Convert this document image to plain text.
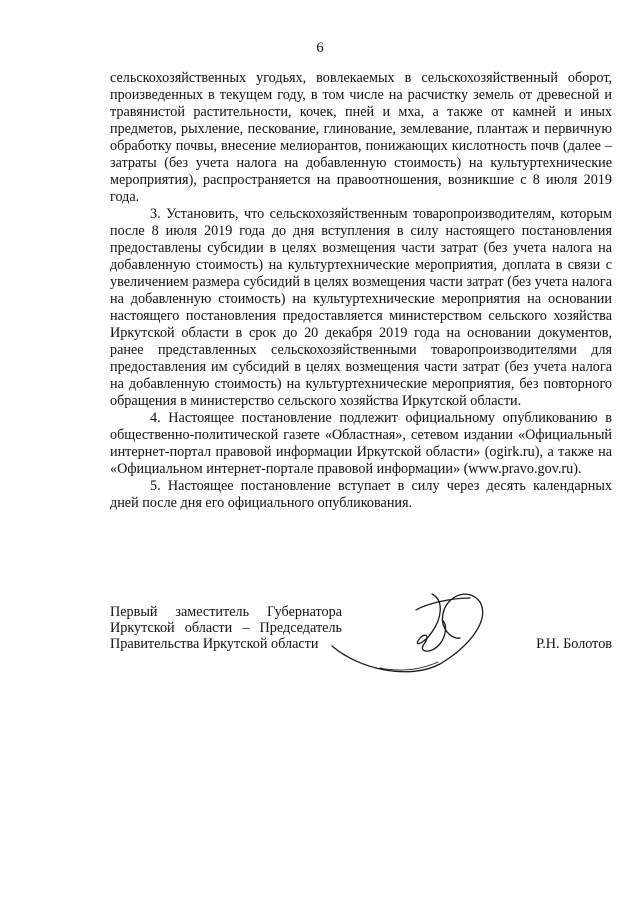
6

сельскохозяйственных угодьях, вовлекаемых в сельскохозяйственный оборот, произведенных в текущем году, в том числе на расчистку земель от древесной и травянистой растительности, кочек, пней и мха, а также от камней и иных предметов, рыхление, пескование, глинование, землевание, плантаж и первичную обработку почвы, внесение мелиорантов, понижающих кислотность почв (далее – затраты (без учета налога на добавленную стоимость) на культуртехнические мероприятия), распространяется на правоотношения, возникшие с 8 июля 2019 года.

3. Установить, что сельскохозяйственным товаропроизводителям, которым после 8 июля 2019 года до дня вступления в силу настоящего постановления предоставлены субсидии в целях возмещения части затрат (без учета налога на добавленную стоимость) на культуртехнические мероприятия, доплата в связи с увеличением размера субсидий в целях возмещения части затрат (без учета налога на добавленную стоимость) на культуртехнические мероприятия на основании настоящего постановления предоставляется министерством сельского хозяйства Иркутской области в срок до 20 декабря 2019 года на основании документов, ранее представленных сельскохозяйственными товаропроизводителями для предоставления им субсидий в целях возмещения части затрат (без учета налога на добавленную стоимость) на культуртехнические мероприятия, без повторного обращения в министерство сельского хозяйства Иркутской области.

4. Настоящее постановление подлежит официальному опубликованию в общественно-политической газете «Областная», сетевом издании «Официальный интернет-портал правовой информации Иркутской области» (ogirk.ru), а также на «Официальном интернет-портале правовой информации» (www.pravo.gov.ru).

5. Настоящее постановление вступает в силу через десять календарных дней после дня его официального опубликования.

Первый заместитель Губернатора
Иркутской области – Председатель
Правительства Иркутской области	Р.Н. Болотов
